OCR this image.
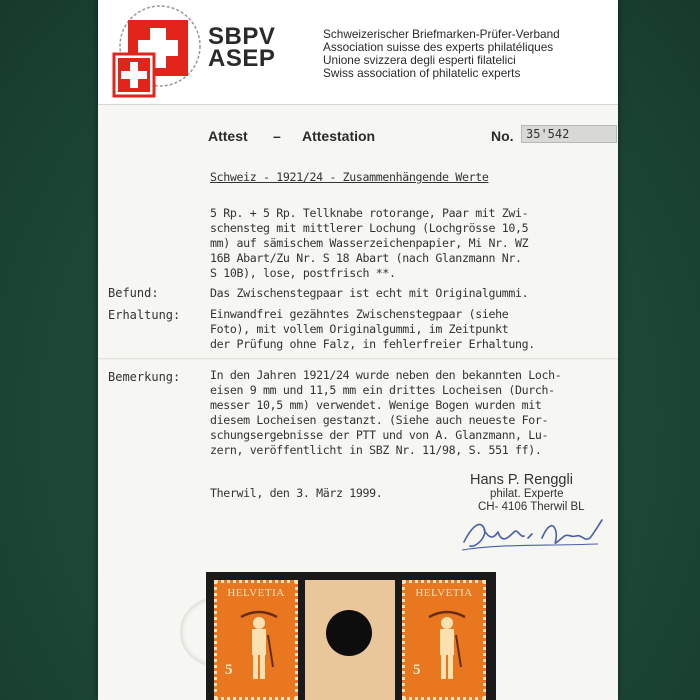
SBPV
ASEP
Schweizerischer Briefmarken-Prüfer-Verband
Association suisse des experts philatéliques
Unione svizzera degli esperti filatelici
Swiss association of philatelic experts
Attest – Attestation	No.	35'542
Schweiz - 1921/24 - Zusammenhängende Werte
5 Rp. + 5 Rp. Tellknabe rotorange, Paar mit Zwi-
schensteg mit mittlerer Lochung (Lochgrösse 10,5
mm) auf sämischem Wasserzeichenpapier, Mi Nr. WZ
16B Abart/Zu Nr. S 18 Abart (nach Glanzmann Nr.
S 10B), lose, postfrisch **.
Befund:	Das Zwischenstegpaar ist echt mit Originalgummi.
Erhaltung:	Einwandfrei gezähntes Zwischenstegpaar (siehe
Foto), mit vollem Originalgummi, im Zeitpunkt
der Prüfung ohne Falz, in fehlerfreier Erhaltung.
Bemerkung:	In den Jahren 1921/24 wurde neben den bekannten Loch-
eisen 9 mm und 11,5 mm ein drittes Locheisen (Durch-
messer 10,5 mm) verwendet. Wenige Bogen wurden mit
diesem Locheisen gestanzt. (Siehe auch neueste For-
schungsergebnisse der PTT und von A. Glanzmann, Lu-
zern, veröffentlicht in SBZ Nr. 11/98, S. 551 ff).
Therwil, den 3. März 1999.
Hans P. Renggli
philat. Experte
CH- 4106 Therwil BL
HELVETIA
5
HELVETIA
5
